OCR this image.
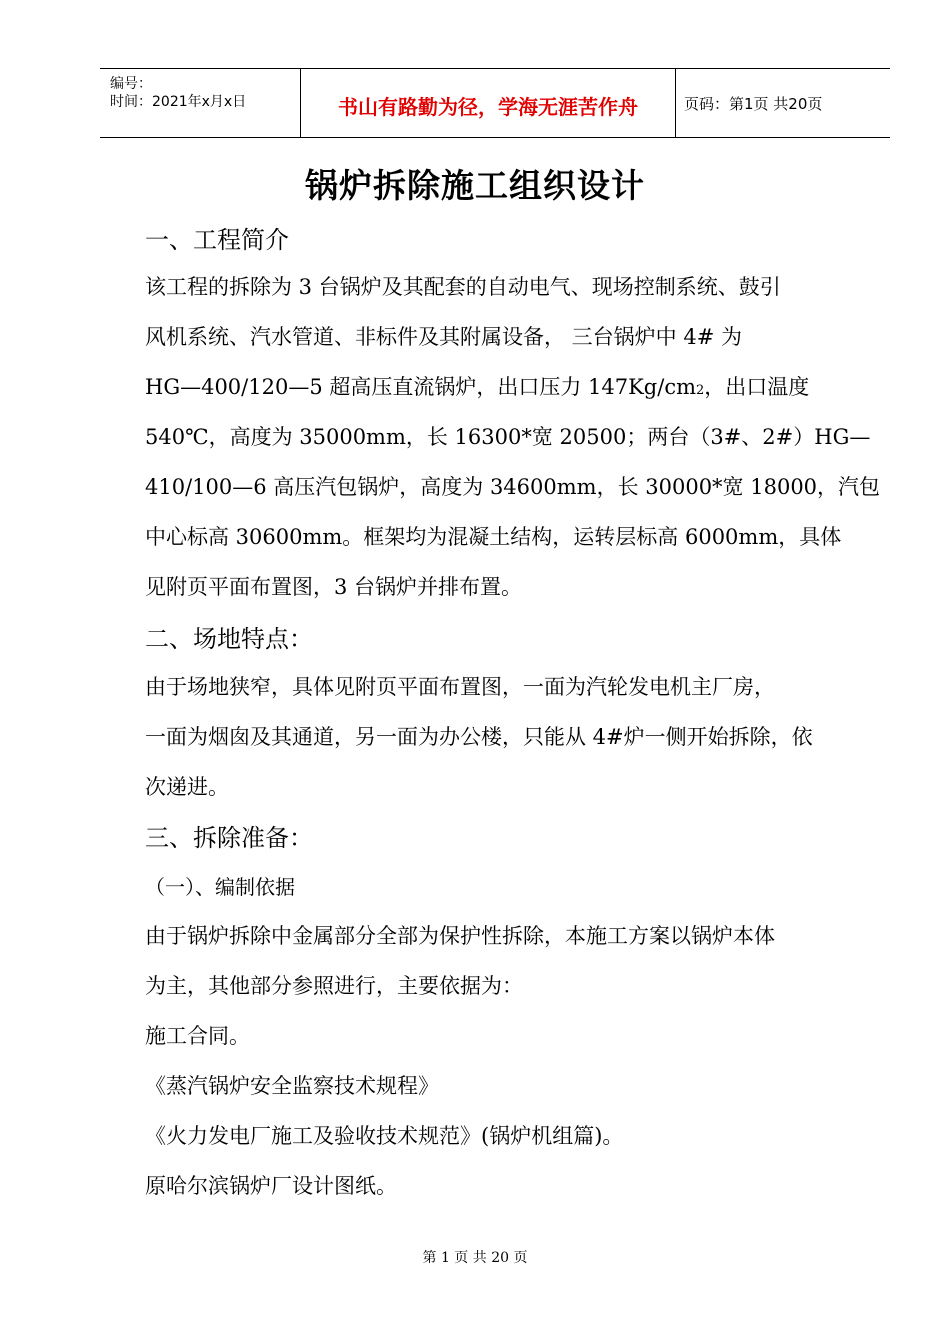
编号：
时间：2021年x月x日	书山有路勤为径，学海无涯苦作舟	页码：第1页 共20页
锅炉拆除施工组织设计
一、工程简介
该工程的拆除为 3 台锅炉及其配套的自动电气、现场控制系统、鼓引
风机系统、汽水管道、非标件及其附属设备， 三台锅炉中 4# 为
HG—400/120—5 超高压直流锅炉，出口压力 147Kg/cm2，出口温度
540℃，高度为 35000mm，长 16300*宽 20500；两台（3#、2#）HG—
410/100—6 高压汽包锅炉，高度为 34600mm，长 30000*宽 18000，汽包
中心标高 30600mm。框架均为混凝土结构，运转层标高 6000mm，具体
见附页平面布置图，3 台锅炉并排布置。
二、场地特点：
由于场地狭窄，具体见附页平面布置图，一面为汽轮发电机主厂房，
一面为烟囱及其通道，另一面为办公楼，只能从 4#炉一侧开始拆除，依
次递进。
三、拆除准备：
（一）、编制依据
由于锅炉拆除中金属部分全部为保护性拆除，本施工方案以锅炉本体
为主，其他部分参照进行，主要依据为：
施工合同。
《蒸汽锅炉安全监察技术规程》
《火力发电厂施工及验收技术规范》(锅炉机组篇)。
原哈尔滨锅炉厂设计图纸。
第 1 页 共 20 页
